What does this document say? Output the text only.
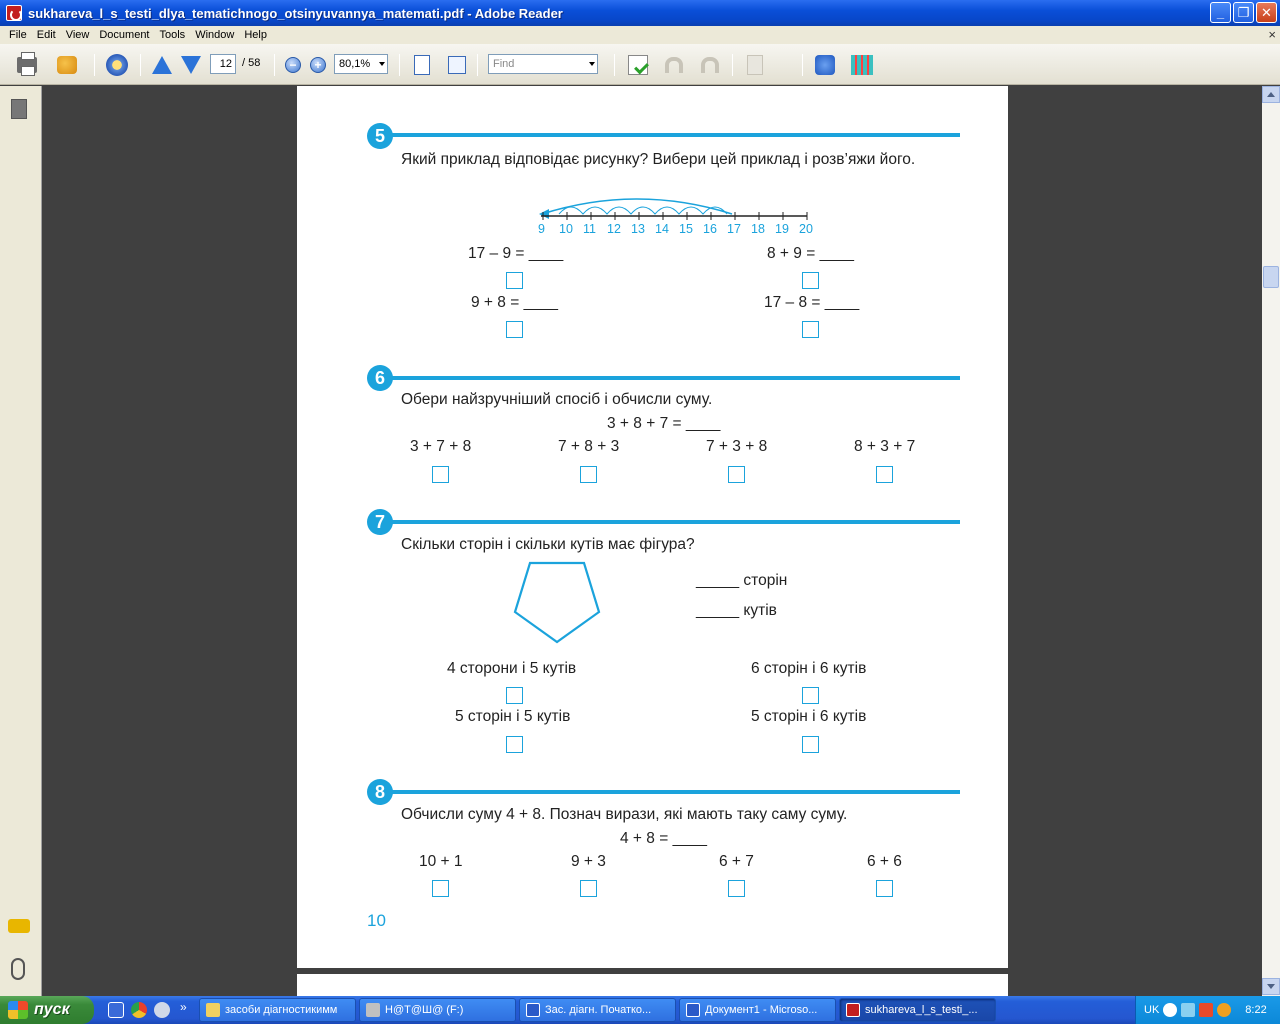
sukhareva_l_s_testi_dlya_tematichnogo_otsinyuvannya_matemati.pdf - Adobe Reader	_	❐ ✕
File Edit View Document Tools Window Help	×
−	+
12 / 58	80,1%	Find
5
Який приклад відповідає рисунку? Вибери цей приклад і розв’яжи його.
9 10 11 12 13 14 15 16 17 18 19 20
17 – 9 = ____	8 + 9 = ____
9 + 8 = ____	17 – 8 = ____
6
Обери найзручніший спосіб і обчисли суму.
3 + 8 + 7 = ____
3 + 7 + 8	7 + 8 + 3	7 + 3 + 8	8 + 3 + 7
7
Скільки сторін і скільки кутів має фігура?
_____ сторін
_____ кутів
4 сторони і 5 кутів	6 сторін і 6 кутів
5 сторін і 5 кутів	5 сторін і 6 кутів
8
Обчисли суму 4 + 8. Познач вирази, які мають таку саму суму.
4 + 8 = ____
10 + 1	9 + 3	6 + 7	6 + 6
10
пуск	»	засоби діагностикимм	Н@Т@Ш@ (F:)	Зас. діагн. Початко...	Документ1 - Microso...	sukhareva_l_s_testi_...	UK	8:22
